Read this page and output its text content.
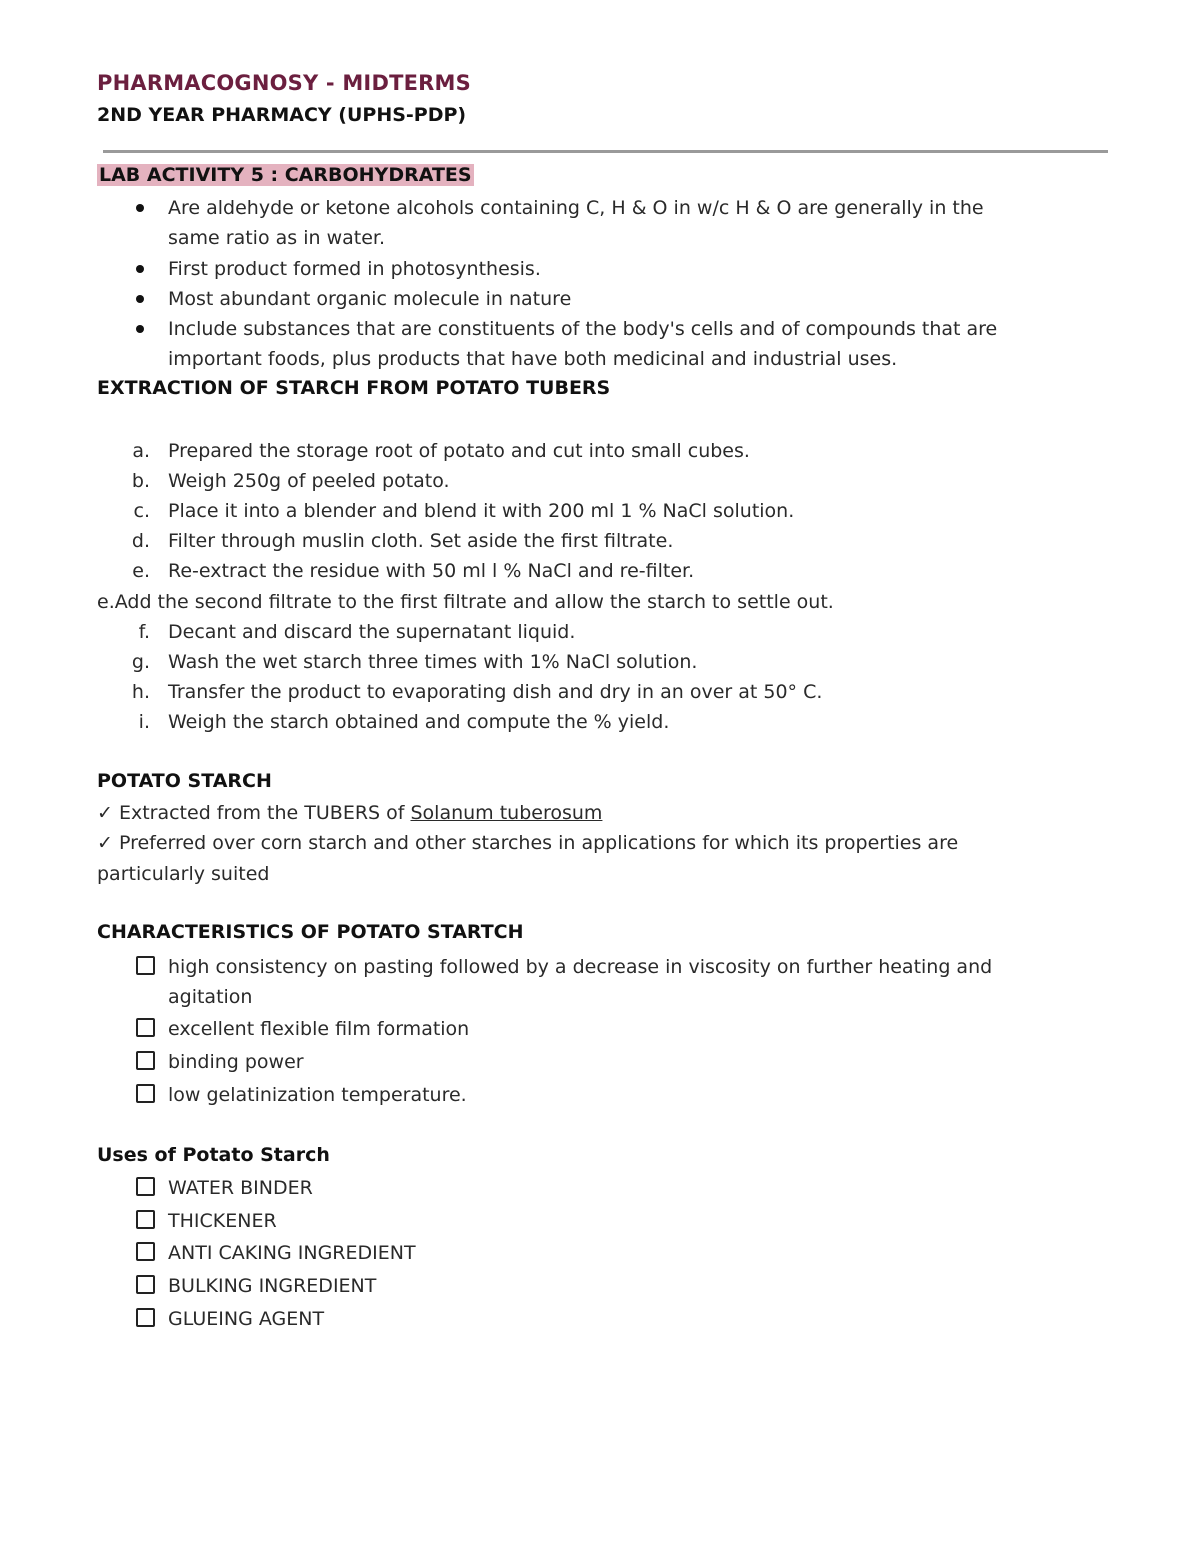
PHARMACOGNOSY - MIDTERMS
2ND YEAR PHARMACY (UPHS-PDP)
LAB ACTIVITY 5 : CARBOHYDRATES
Are aldehyde or ketone alcohols containing C, H & O in w/c H & O are generally in the
same ratio as in water.
First product formed in photosynthesis.
Most abundant organic molecule in nature
Include substances that are constituents of the body's cells and of compounds that are
important foods, plus products that have both medicinal and industrial uses.
EXTRACTION OF STARCH FROM POTATO TUBERS
a. Prepared the storage root of potato and cut into small cubes.
b. Weigh 250g of peeled potato.
c. Place it into a blender and blend it with 200 ml 1 % NaCl solution.
d. Filter through muslin cloth. Set aside the first filtrate.
e. Re-extract the residue with 50 ml l % NaCl and re-filter.
e.Add the second filtrate to the first filtrate and allow the starch to settle out.
f. Decant and discard the supernatant liquid.
g. Wash the wet starch three times with 1% NaCl solution.
h. Transfer the product to evaporating dish and dry in an over at 50° C.
i. Weigh the starch obtained and compute the % yield.
POTATO STARCH
✓ Extracted from the TUBERS of Solanum tuberosum
✓ Preferred over corn starch and other starches in applications for which its properties are
particularly suited
CHARACTERISTICS OF POTATO STARTCH
high consistency on pasting followed by a decrease in viscosity on further heating and
agitation
excellent flexible film formation
binding power
low gelatinization temperature.
Uses of Potato Starch
WATER BINDER
THICKENER
ANTI CAKING INGREDIENT
BULKING INGREDIENT
GLUEING AGENT
